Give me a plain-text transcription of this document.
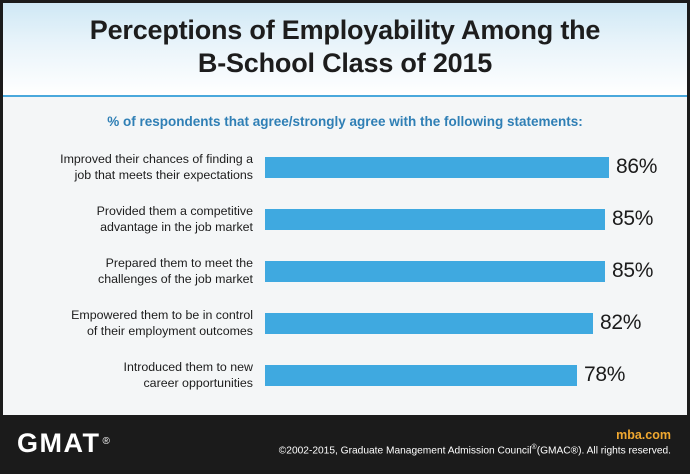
Perceptions of Employability Among the
B-School Class of 2015
% of respondents that agree/strongly agree with the following statements:
Improved their chances of finding a
job that meets their expectations	86%
Provided them a competitive
advantage in the job market	85%
Prepared them to meet the
challenges of the job market	85%
Empowered them to be in control
of their employment outcomes	82%
Introduced them to new
career opportunities	78%
GMAT ®	mba.com
©2002-2015, Graduate Management Admission Council®(GMAC®). All rights reserved.
